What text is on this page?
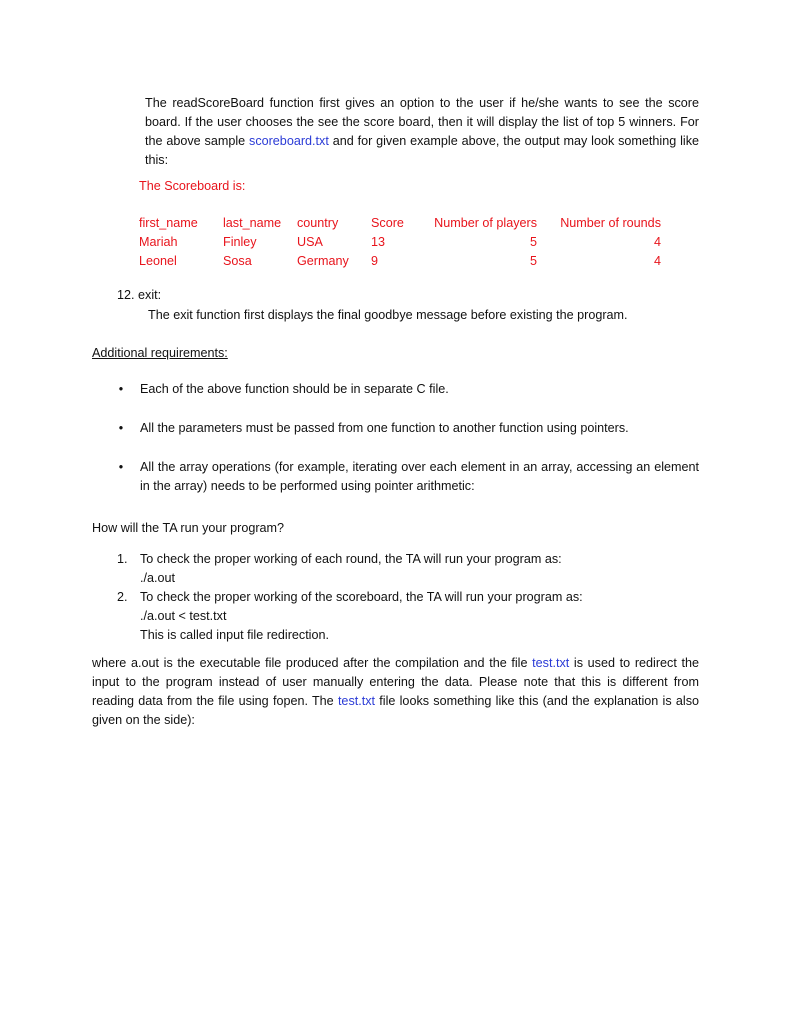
The readScoreBoard function first gives an option to the user if he/she wants to see the score board. If the user chooses the see the score board, then it will display the list of top 5 winners. For the above sample scoreboard.txt and for given example above, the output may look something like this:
The Scoreboard is:
first_name	last_name	country	Score	Number of players	Number of rounds
Mariah	Finley	USA	13	5	4
Leonel	Sosa	Germany	9	5	4
12. exit:
The exit function first displays the final goodbye message before existing the program.
Additional requirements:
•	Each of the above function should be in separate C file.
•	All the parameters must be passed from one function to another function using pointers.
•	All the array operations (for example, iterating over each element in an array, accessing an element in the array) needs to be performed using pointer arithmetic:
How will the TA run your program?
1. To check the proper working of each round, the TA will run your program as:
./a.out
2. To check the proper working of the scoreboard, the TA will run your program as:
./a.out < test.txt
This is called input file redirection.
where a.out is the executable file produced after the compilation and the file test.txt is used to redirect the input to the program instead of user manually entering the data. Please note that this is different from reading data from the file using fopen. The test.txt file looks something like this (and the explanation is also given on the side):
